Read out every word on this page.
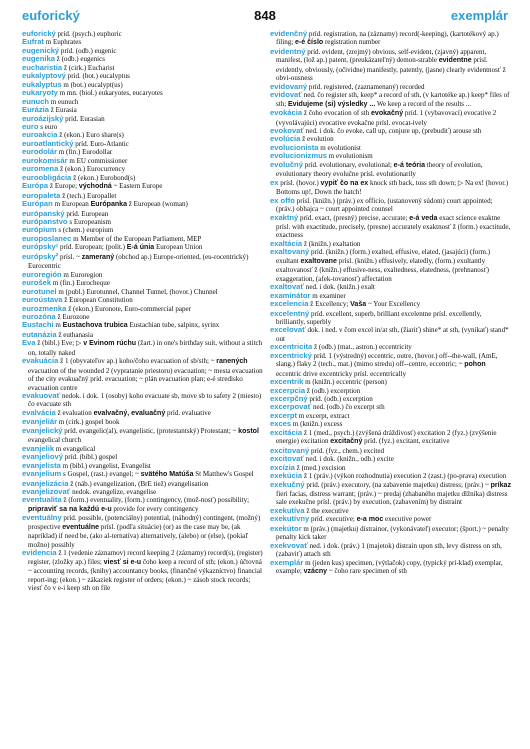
euforický	848	exemplár

euforický príd. (psych.) euphoric

Eufrat m Euphrates

eugenický príd. (odb.) eugenic

eugenika ž (odb.) eugenics

eucharistia ž (cirk.) Eucharist

eukalyptový príd. (bot.) eucalyptus

eukalyptus m (bot.) eucalypt(us)

eukaryoty m mn. (biol.) eukaryotes, eucaryotes

eunuch m eunuch

Eurázia ž Eurasia

euroázijský príd. Eurasian

euro s euro

euroakcia ž (ekon.) Euro share(s)

euroatlantický príd. Euro-Atlantic

eurodolár m (fin.) Eurodollar

eurokomisár m EU commissioner

euromena ž (ekon.) Eurocurrency

euroobligácia ž (ekon.) Eurobond(s)

Európa ž Europe; východná ~ Eastern Europe

europaleta ž (tech.) Europallet

Európan m European Európanka ž European (woman)

európanský príd. European

európanstvo s Europeanism

európium s (chem.) europium

europoslanec m Member of the European Parliament, MEP

európsky¹ príd. European; (polit.) E-á únia European Union

európsky² prísl. ~ zameraný (obchod ap.) Europe-oriented, (eu-rocentrický) Eurocentric

euroregión m Euroregion

eurošek m (fin.) Eurocheque

eurotunel m (publ.) Eurotunnel, Channel Tunnel, (hovor.) Chunnel

euroústava ž European Constitution

eurozmenka ž (ekon.) Euronote, Euro-commercial paper

eurozóna ž Eurozone

Eustachi m Eustachova trubica Eustachian tube, salpinx, syrinx

eutanázia ž euthanasia

Eva ž (bibl.) Eve; ▷ v Evinom rúchu (žart.) in one's birthday suit, without a stitch on, totally naked

evakuácia ž 1 (obyvateľov ap.) koho/čoho evacuation of sb/sth; ~ ranených evacuation of the wounded 2 (vypratanie priestoru) evacuation; ~ mesta evacuation of the city evakuačný príd. evacuation; ~ plán evacuation plan; e-é stredisko evacuation centre

evakuovať nedok. i dok. 1 (osoby) koho evacuate sb, move sb to safety 2 (miesto) čo evacuate sth

evalvácia ž evaluation evalvačný, evaluačný príd. evaluative

evanjeliár m (cirk.) gospel book

evanjelický príd. evangelic(al), evangelistic, (protestantský) Protestant; ~ kostol evangelical church

evanjelik m evangelical

evanjeliový príd. (bibl.) gospel

evanjelista m (bibl.) evangelist, Evangelist

evanjelium s Gospel, (rast.) evangel; ~ svätého Matúša St Matthew's Gospel

evanjelizácia ž (náb.) evangelization, (BrE tiež) evangelisation

evanjelizovať nedok. evangelize, evangelise

eventualita ž (form.) eventuality, (form.) contingency, (mož-nosť) possibility; pripraviť sa na každú e-u provide for every contingency

eventuálny príd. possible, (potenciálny) potential, (náhodný) contingent, (možný) prospective eventuálne prísl. (podľa situácie) (or) as the case may be, (ak napríklad) if need be, (ako al-ternatíva) alternatively, (alebo) or (else), (pokiaľ možno) possibly

evidencia ž 1 (vedenie záznamov) record keeping 2 (záznamy) record(s), (register) register, (zložky ap.) files; viesť si e-u čoho keep a record of sth; (ekon.) účtovná ~ accounting records, (knihy) accountancy books, (finančné výkazníctvo) financial report-ing; (ekon.) ~ zákaziek register of orders; (ekon.) ~ zásob stock records; viesť čo v e-i keep sth on file

evidenčný príd. registration, na (záznamy) record(-keeping), (kartotékový ap.) filing; e-é číslo registration number

evidentný príd. evident, (zrejmý) obvious, self-evident, (zjavný) apparent, manifest, (lož ap.) patent, (preukázateľný) demon-strable evidentne prísl. evidently, obviously, (očividne) manifestly, patently, (jasne) clearly evidentnosť ž obvi-ousness

evidovaný príd. registered, (zaznamenaný) recorded

evidovať ned. čo register sth, keep* a record of sth, (v kartotéke ap.) keep* files of sth; Evidujeme (si) výsledky ... We keep a record of the results ...

evokácia ž čoho evocation of sth evokačný príd. 1 (vybavovací) evocative 2 (vyvolávajúci) evocative evokačne prísl. evocat-ively

evokovať ned. i dok. čo evoke, call up, conjure up, (prebudiť) arouse sth

evolúcia ž evolution

evolucionista m evolutionist

evolucionizmus m evolutionism

evolučný príd. evolutionary, evolutional; e-á teória theory of evolution, evolutionary theory evolučne prísl. evolutionarily

ex prísl. (hovor.) vypiť čo na ex knock sth back, toss sth down; ▷ Na ex! (hovor.) Bottoms up!, Down the hatch!

ex offo prísl. (knižn.) (práv.) ex officio, (ustanovený súdom) court appointed; (práv.) obhajca ~ court appointed counsel

exaktný príd. exact, (presný) precise, accurate; e-á veda exact science exaktne prísl. with exactitude, precisely, (presne) accurately exaktnosť ž (form.) exactitude, exactness

exaltácia ž (knižn.) exaltation

exaltovaný príd. (knižn.) (form.) exalted, effusive, elated, (jasajúci) (form.) exultant exaltovane prísl. (knižn.) effusively, elatedly, (form.) exultantly exaltovanosť ž (knižn.) effusive-ness, exaltedness, elatedness, (prehnanosť) exaggeration, (afek-tovanosť) affectation

exaltovať ned. i dok. (knižn.) exalt

examinátor m examiner

excelencia ž Excellency; Vaša ~ Your Excellency

excelentný príd. excellent, superb, brilliant excelentne prísl. excellently, brilliantly, superbly

excelovať dok. i ned. v čom excel in/at sth, (žiariť) shine* at sth, (vynikať) stand* out

excentricita ž (odb.) (mat., astron.) eccentricity

excentrický príd. 1 (výstredný) eccentric, outre, (hovor.) off--the-wall, (AmE, slang.) flaky 2 (tech., mat.) (mimo stredu) off--centre, eccentric; ~ pohon eccentric drive excentricky prísl. eccentrically

excentrik m (knižn.) eccentric (person)

excerpcia ž (odb.) excerption

excerpčný príd. (odb.) excerption

excerpovať ned. (odb.) čo excerpt sth

excerpt m excerpt, extract

exces m (knižn.) excess

excitácia ž 1 (med., psych.) (zvýšená dráždivosť) excitation 2 (fyz.) (zvýšenie energie) excitation excitačný príd. (fyz.) excitant, excitative

excitovaný príd. (fyz., chem.) excited

excitovať ned. i dok. (knižn., odb.) excite

excízia ž (med.) excision

exekúcia ž 1 (práv.) (výkon rozhodnutia) execution 2 (zast.) (po-prava) execution

exekučný príd. (práv.) executory, (na zabavenie majetku) distress; (práv.) ~ príkaz fieri facias, distress warrant; (práv.) ~ predaj (zhabaného majetku dlžníka) distress sale exekučne prísl. (práv.) by execution, (zabavením) by distraint

exekutíva ž the executive

exekutívny príd. executive; e-a moc executive power

exekútor m (práv.) (majetku) distrainor, (vykonávateľ) executor; (šport.) ~ penalty penalty kick taker

exekvovať ned. i dok. (práv.) 1 (majetok) distrain upon sth, levy distress on sth, (zabaviť) attach sth

exemplár m (jeden kus) specimen, (výtlačok) copy, (typický prí-klad) exemplar, example; vzácny ~ čoho rare specimen of sth
